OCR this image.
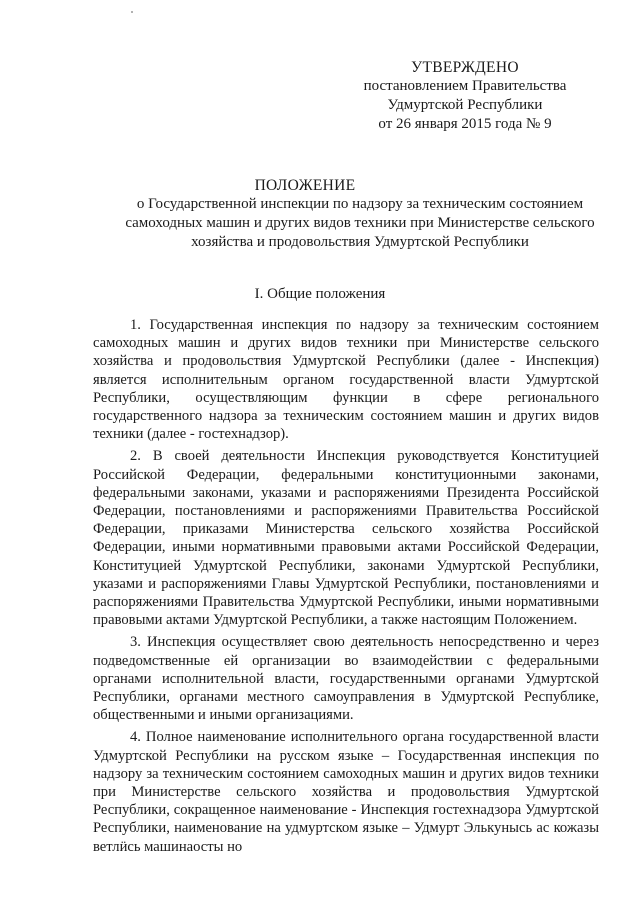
УТВЕРЖДЕНО
постановлением Правительства
Удмуртской Республики
от 26 января 2015 года № 9
ПОЛОЖЕНИЕ
о Государственной инспекции по надзору за техническим состоянием
самоходных машин и других видов техники при Министерстве сельского
хозяйства и продовольствия Удмуртской Республики
I. Общие положения

1. Государственная инспекция по надзору за техническим состоянием самоходных машин и других видов техники при Министерстве сельского хозяйства и продовольствия Удмуртской Республики (далее - Инспекция) является исполнительным органом государственной власти Удмуртской Республики, осуществляющим функции в сфере регионального государственного надзора за техническим состоянием машин и других видов техники (далее - гостехнадзор).

2. В своей деятельности Инспекция руководствуется Конституцией Российской Федерации, федеральными конституционными законами, федеральными законами, указами и распоряжениями Президента Российской Федерации, постановлениями и распоряжениями Правительства Российской Федерации, приказами Министерства сельского хозяйства Российской Федерации, иными нормативными правовыми актами Российской Федерации, Конституцией Удмуртской Республики, законами Удмуртской Республики, указами и распоряжениями Главы Удмуртской Республики, постановлениями и распоряжениями Правительства Удмуртской Республики, иными нормативными правовыми актами Удмуртской Республики, а также настоящим Положением.

3. Инспекция осуществляет свою деятельность непосредственно и через подведомственные ей организации во взаимодействии с федеральными органами исполнительной власти, государственными органами Удмуртской Республики, органами местного самоуправления в Удмуртской Республике, общественными и иными организациями.

4. Полное наименование исполнительного органа государственной власти Удмуртской Республики на русском языке – Государственная инспекция по надзору за техническим состоянием самоходных машин и других видов техники при Министерстве сельского хозяйства и продовольствия Удмуртской Республики, сокращенное наименование - Инспекция гостехнадзора Удмуртской Республики, наименование на удмуртском языке – Удмурт Элькунысь ас кожазы ветлӥсь машинаосты но
